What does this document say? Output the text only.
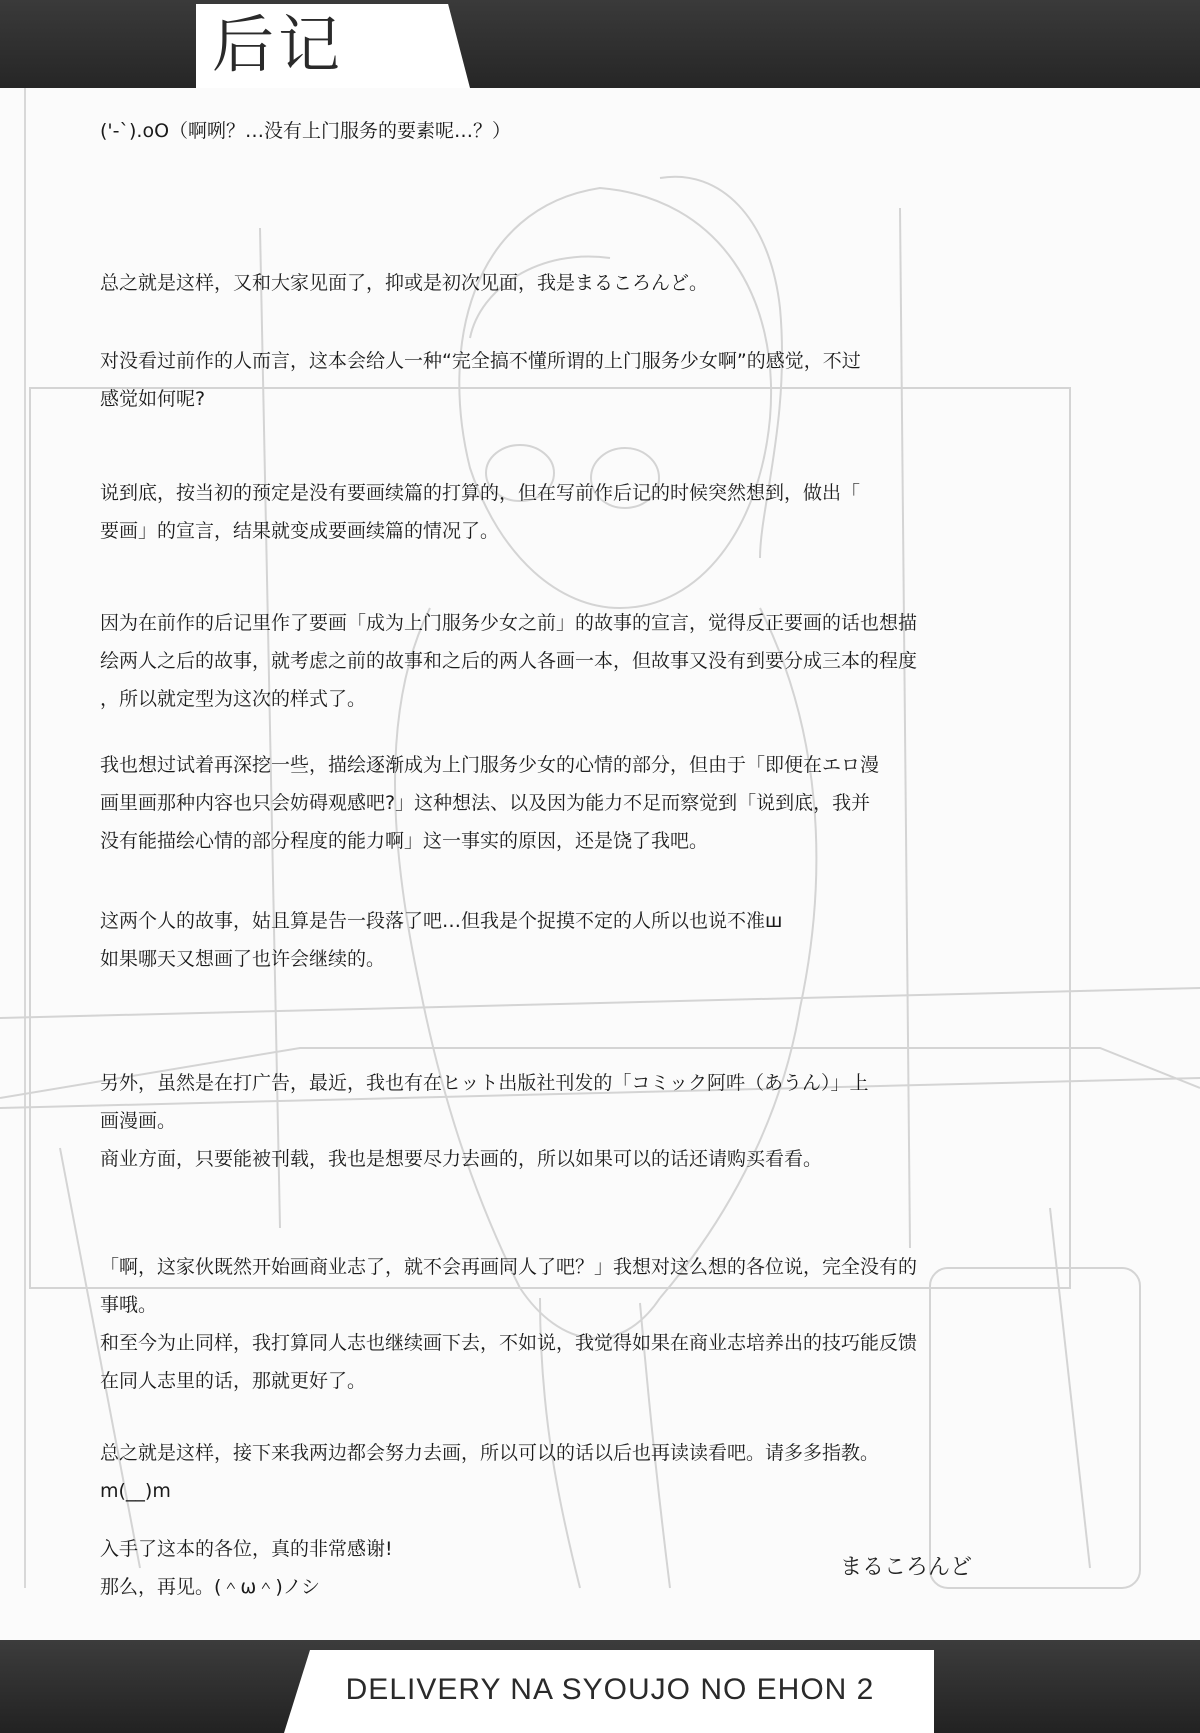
后记
('-`).oO（啊咧？…没有上门服务的要素呢…？）
总之就是这样，又和大家见面了，抑或是初次见面，我是まるころんど。
对没看过前作的人而言，这本会给人一种“完全搞不懂所谓的上门服务少女啊”的感觉，不过
感觉如何呢?
说到底，按当初的预定是没有要画续篇的打算的，但在写前作后记的时候突然想到，做出「
要画」的宣言，结果就变成要画续篇的情况了。
因为在前作的后记里作了要画「成为上门服务少女之前」的故事的宣言，觉得反正要画的话也想描
绘两人之后的故事，就考虑之前的故事和之后的两人各画一本，但故事又没有到要分成三本的程度
，所以就定型为这次的样式了。
我也想过试着再深挖一些，描绘逐渐成为上门服务少女的心情的部分，但由于「即便在エロ漫
画里画那种内容也只会妨碍观感吧?」这种想法、以及因为能力不足而察觉到「说到底，我并
没有能描绘心情的部分程度的能力啊」这一事实的原因，还是饶了我吧。
这两个人的故事，姑且算是告一段落了吧…但我是个捉摸不定的人所以也说不准ш
如果哪天又想画了也许会继续的。
另外，虽然是在打广告，最近，我也有在ヒット出版社刊发的「コミック阿吽（あうん）」上
画漫画。
商业方面，只要能被刊载，我也是想要尽力去画的，所以如果可以的话还请购买看看。
「啊，这家伙既然开始画商业志了，就不会再画同人了吧？」我想对这么想的各位说，完全没有的
事哦。
和至今为止同样，我打算同人志也继续画下去，不如说，我觉得如果在商业志培养出的技巧能反馈
在同人志里的话，那就更好了。
总之就是这样，接下来我两边都会努力去画，所以可以的话以后也再读读看吧。请多多指教。
m(__)m
入手了这本的各位，真的非常感谢!
那么，再见。(＾ω＾)ノシ
まるころんど
DELIVERY NA SYOUJO NO EHON 2
